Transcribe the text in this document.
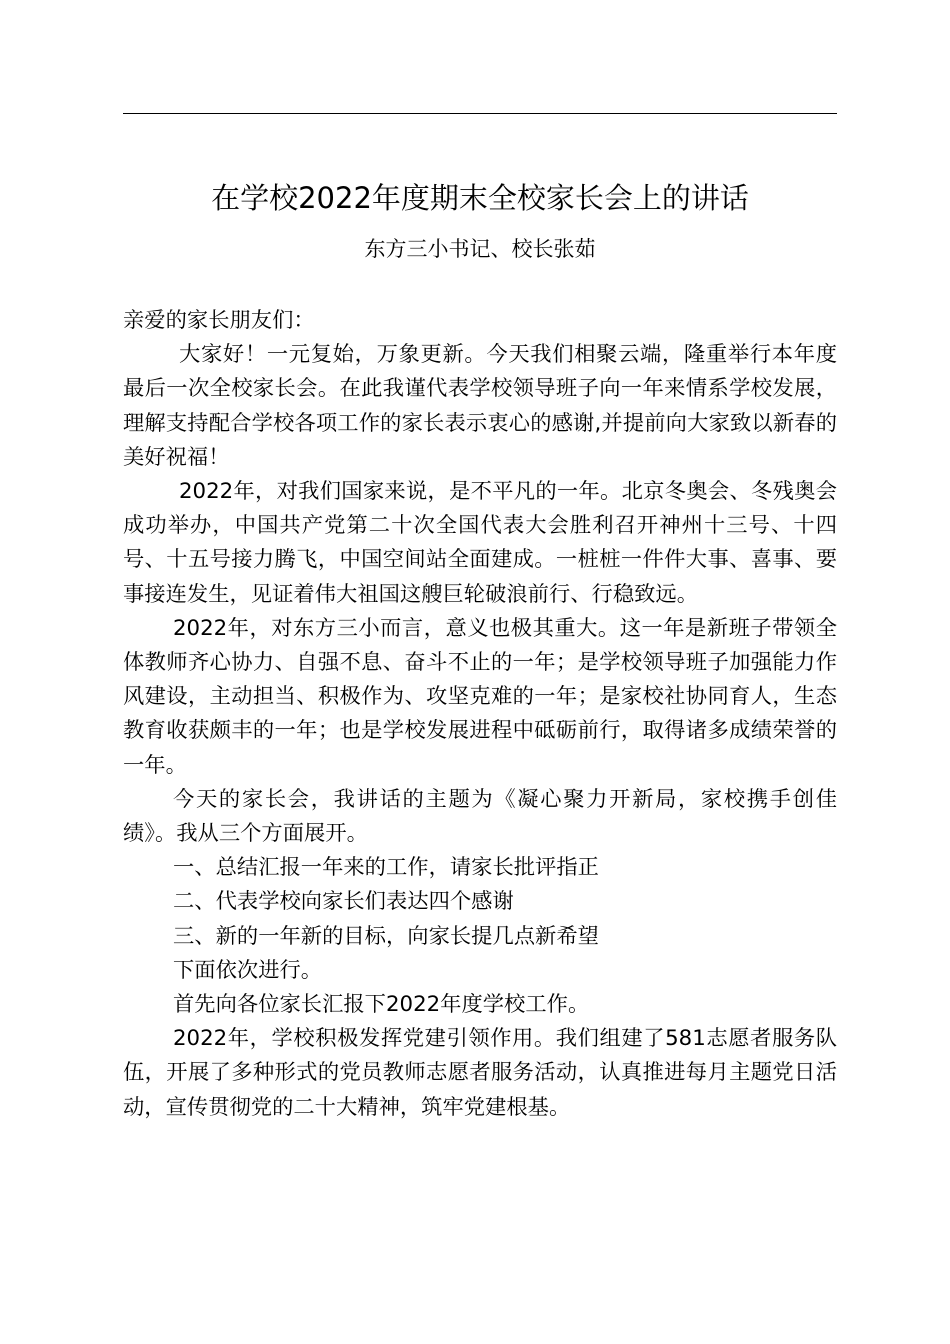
在学校2022年度期末全校家长会上的讲话
东方三小书记、校长张茹

亲爱的家长朋友们：

大家好！一元复始，万象更新。今天我们相聚云端，隆重举行本年度最后一次全校家长会。在此我谨代表学校领导班子向一年来情系学校发展，理解支持配合学校各项工作的家长表示衷心的感谢,并提前向大家致以新春的美好祝福！

2022年，对我们国家来说，是不平凡的一年。北京冬奥会、冬残奥会成功举办，中国共产党第二十次全国代表大会胜利召开神州十三号、十四号、十五号接力腾飞，中国空间站全面建成。一桩桩一件件大事、喜事、要事接连发生，见证着伟大祖国这艘巨轮破浪前行、行稳致远。

2022年，对东方三小而言，意义也极其重大。这一年是新班子带领全体教师齐心协力、自强不息、奋斗不止的一年；是学校领导班子加强能力作风建设，主动担当、积极作为、攻坚克难的一年；是家校社协同育人，生态教育收获颇丰的一年；也是学校发展进程中砥砺前行，取得诸多成绩荣誉的一年。

今天的家长会，我讲话的主题为《凝心聚力开新局，家校携手创佳绩》。我从三个方面展开。

一、总结汇报一年来的工作，请家长批评指正

二、代表学校向家长们表达四个感谢

三、新的一年新的目标，向家长提几点新希望

下面依次进行。

首先向各位家长汇报下2022年度学校工作。

2022年，学校积极发挥党建引领作用。我们组建了581志愿者服务队伍，开展了多种形式的党员教师志愿者服务活动，认真推进每月主题党日活动，宣传贯彻党的二十大精神，筑牢党建根基。
